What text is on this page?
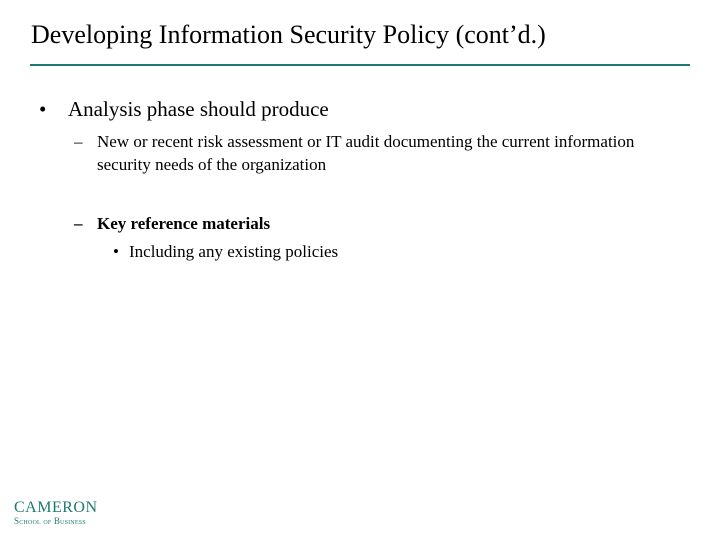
Developing Information Security Policy (cont’d.)
• Analysis phase should produce
– New or recent risk assessment or IT audit documenting the current information security needs of the organization
– Key reference materials
• Including any existing policies
CAMERON
School of Business
